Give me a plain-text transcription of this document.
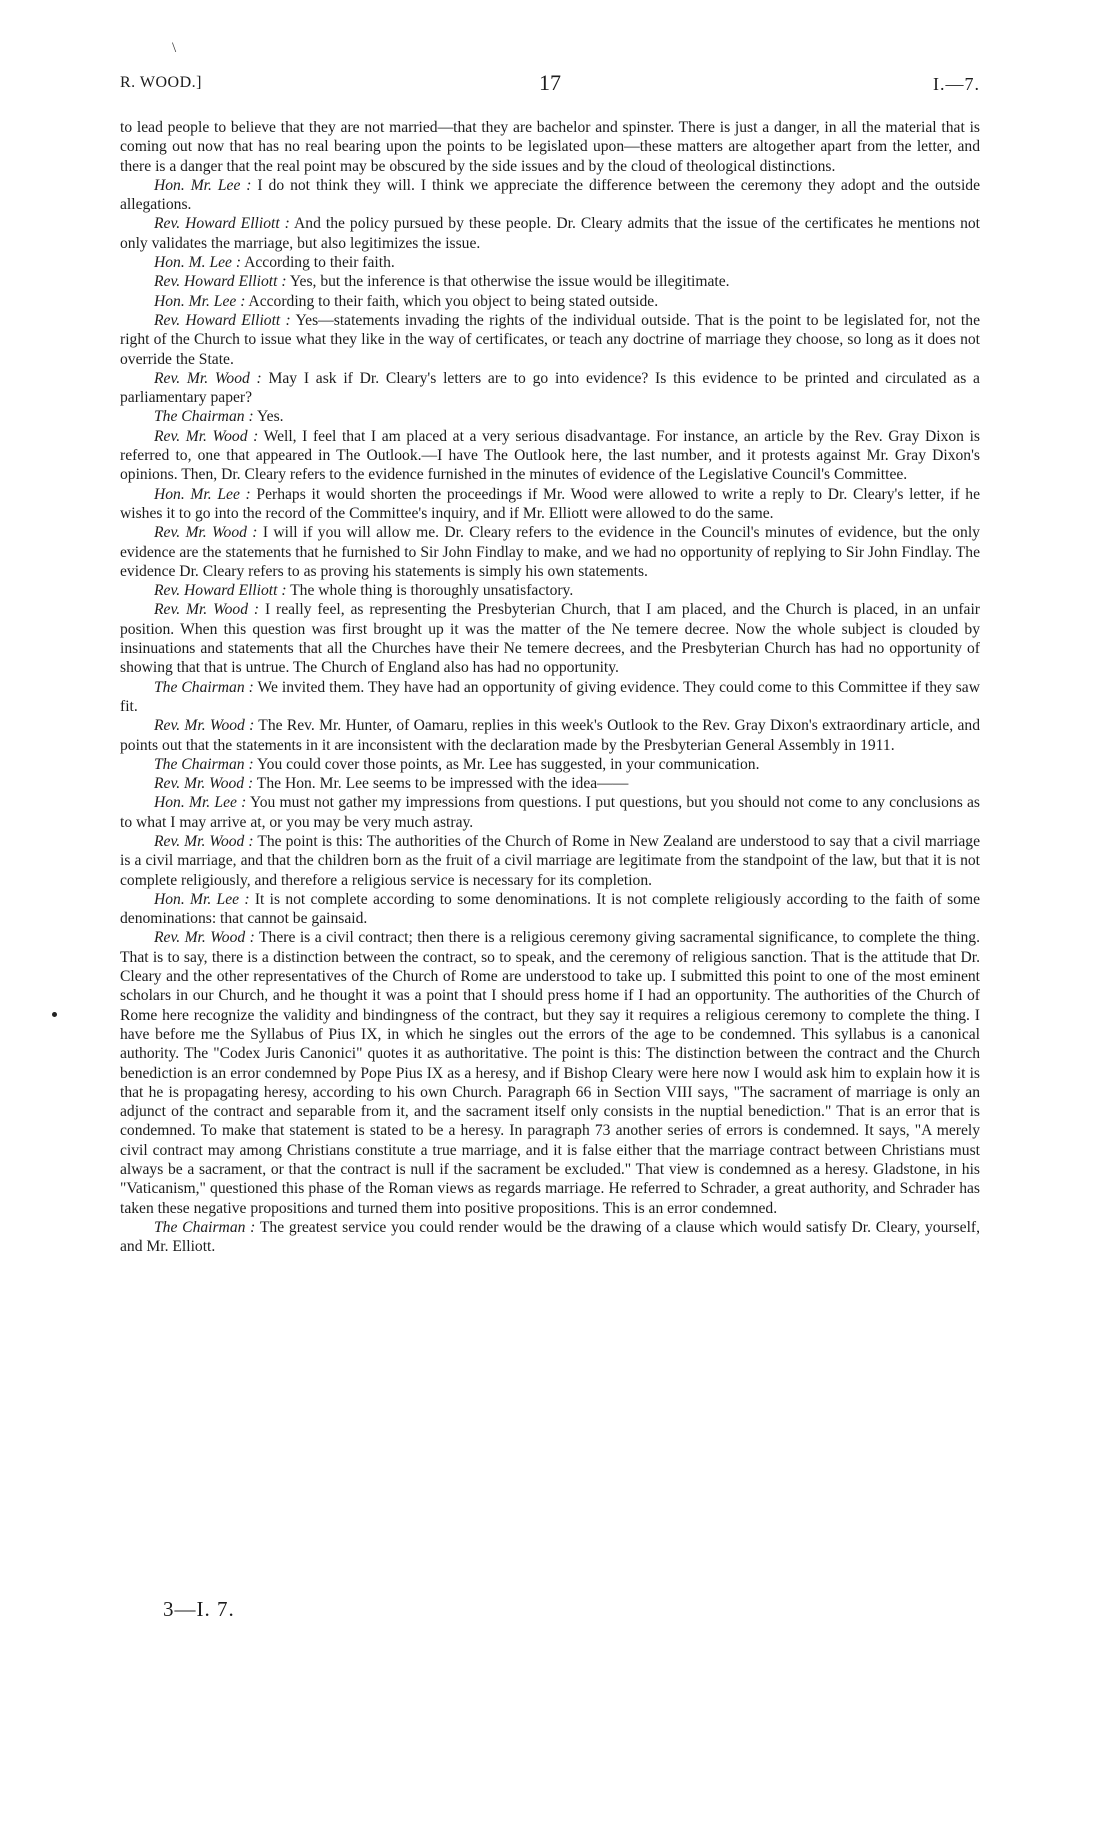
\
R. WOOD.]	17	I.—7.

to lead people to believe that they are not married—that they are bachelor and spinster. There is just a danger, in all the material that is coming out now that has no real bearing upon the points to be legislated upon—these matters are altogether apart from the letter, and there is a danger that the real point may be obscured by the side issues and by the cloud of theological distinctions.

Hon. Mr. Lee : I do not think they will. I think we appreciate the difference between the ceremony they adopt and the outside allegations.

Rev. Howard Elliott : And the policy pursued by these people. Dr. Cleary admits that the issue of the certificates he mentions not only validates the marriage, but also legitimizes the issue.

Hon. M. Lee : According to their faith.

Rev. Howard Elliott : Yes, but the inference is that otherwise the issue would be illegitimate.

Hon. Mr. Lee : According to their faith, which you object to being stated outside.

Rev. Howard Elliott : Yes—statements invading the rights of the individual outside. That is the point to be legislated for, not the right of the Church to issue what they like in the way of certificates, or teach any doctrine of marriage they choose, so long as it does not override the State.

Rev. Mr. Wood : May I ask if Dr. Cleary's letters are to go into evidence? Is this evidence to be printed and circulated as a parliamentary paper?

The Chairman : Yes.

Rev. Mr. Wood : Well, I feel that I am placed at a very serious disadvantage. For instance, an article by the Rev. Gray Dixon is referred to, one that appeared in The Outlook.—I have The Outlook here, the last number, and it protests against Mr. Gray Dixon's opinions. Then, Dr. Cleary refers to the evidence furnished in the minutes of evidence of the Legislative Council's Committee.

Hon. Mr. Lee : Perhaps it would shorten the proceedings if Mr. Wood were allowed to write a reply to Dr. Cleary's letter, if he wishes it to go into the record of the Committee's inquiry, and if Mr. Elliott were allowed to do the same.

Rev. Mr. Wood : I will if you will allow me. Dr. Cleary refers to the evidence in the Council's minutes of evidence, but the only evidence are the statements that he furnished to Sir John Findlay to make, and we had no opportunity of replying to Sir John Findlay. The evidence Dr. Cleary refers to as proving his statements is simply his own statements.

Rev. Howard Elliott : The whole thing is thoroughly unsatisfactory.

Rev. Mr. Wood : I really feel, as representing the Presbyterian Church, that I am placed, and the Church is placed, in an unfair position. When this question was first brought up it was the matter of the Ne temere decree. Now the whole subject is clouded by insinuations and statements that all the Churches have their Ne temere decrees, and the Presbyterian Church has had no opportunity of showing that that is untrue. The Church of England also has had no opportunity.

The Chairman : We invited them. They have had an opportunity of giving evidence. They could come to this Committee if they saw fit.

Rev. Mr. Wood : The Rev. Mr. Hunter, of Oamaru, replies in this week's Outlook to the Rev. Gray Dixon's extraordinary article, and points out that the statements in it are inconsistent with the declaration made by the Presbyterian General Assembly in 1911.

The Chairman : You could cover those points, as Mr. Lee has suggested, in your communication.

Rev. Mr. Wood : The Hon. Mr. Lee seems to be impressed with the idea——

Hon. Mr. Lee : You must not gather my impressions from questions. I put questions, but you should not come to any conclusions as to what I may arrive at, or you may be very much astray.

Rev. Mr. Wood : The point is this: The authorities of the Church of Rome in New Zealand are understood to say that a civil marriage is a civil marriage, and that the children born as the fruit of a civil marriage are legitimate from the standpoint of the law, but that it is not complete religiously, and therefore a religious service is necessary for its completion.

Hon. Mr. Lee : It is not complete according to some denominations. It is not complete religiously according to the faith of some denominations: that cannot be gainsaid.

Rev. Mr. Wood : There is a civil contract; then there is a religious ceremony giving sacramental significance, to complete the thing. That is to say, there is a distinction between the contract, so to speak, and the ceremony of religious sanction. That is the attitude that Dr. Cleary and the other representatives of the Church of Rome are understood to take up. I submitted this point to one of the most eminent scholars in our Church, and he thought it was a point that I should press home if I had an opportunity. The authorities of the Church of Rome here recognize the validity and bindingness of the contract, but they say it requires a religious ceremony to complete the thing. I have before me the Syllabus of Pius IX, in which he singles out the errors of the age to be condemned. This syllabus is a canonical authority. The "Codex Juris Canonici" quotes it as authoritative. The point is this: The distinction between the contract and the Church benediction is an error condemned by Pope Pius IX as a heresy, and if Bishop Cleary were here now I would ask him to explain how it is that he is propagating heresy, according to his own Church. Paragraph 66 in Section VIII says, "The sacrament of marriage is only an adjunct of the contract and separable from it, and the sacrament itself only consists in the nuptial benediction." That is an error that is condemned. To make that statement is stated to be a heresy. In paragraph 73 another series of errors is condemned. It says, "A merely civil contract may among Christians constitute a true marriage, and it is false either that the marriage contract between Christians must always be a sacrament, or that the contract is null if the sacrament be excluded." That view is condemned as a heresy. Gladstone, in his "Vaticanism," questioned this phase of the Roman views as regards marriage. He referred to Schrader, a great authority, and Schrader has taken these negative propositions and turned them into positive propositions. This is an error condemned.

The Chairman : The greatest service you could render would be the drawing of a clause which would satisfy Dr. Cleary, yourself, and Mr. Elliott.

3—I. 7.
